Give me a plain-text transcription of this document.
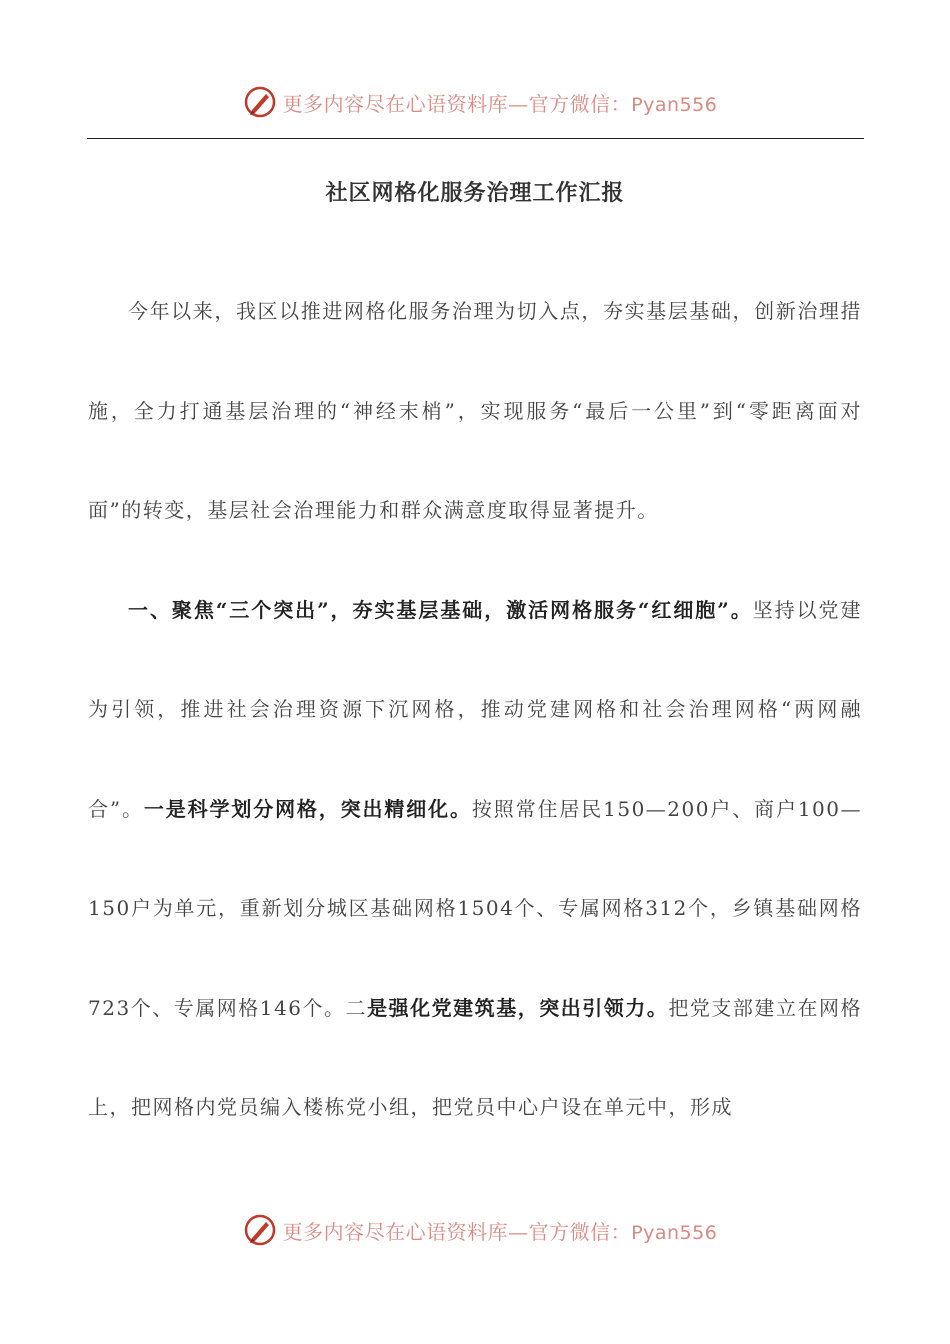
更多内容尽在心语资料库—官方微信：Pyan556
社区网格化服务治理工作汇报

今年以来，我区以推进网格化服务治理为切入点，夯实基层基础，创新治理措施，全力打通基层治理的“神经末梢”，实现服务“最后一公里”到“零距离面对面”的转变，基层社会治理能力和群众满意度取得显著提升。

一、聚焦“三个突出”，夯实基层基础，激活网格服务“红细胞”。坚持以党建为引领，推进社会治理资源下沉网格，推动党建网格和社会治理网格“两网融合”。一是科学划分网格，突出精细化。按照常住居民150—200户、商户100—150户为单元，重新划分城区基础网格1504个、专属网格312个，乡镇基础网格723个、专属网格146个。二是强化党建筑基，突出引领力。把党支部建立在网格上，把网格内党员编入楼栋党小组，把党员中心户设在单元中，形成

更多内容尽在心语资料库—官方微信：Pyan556
